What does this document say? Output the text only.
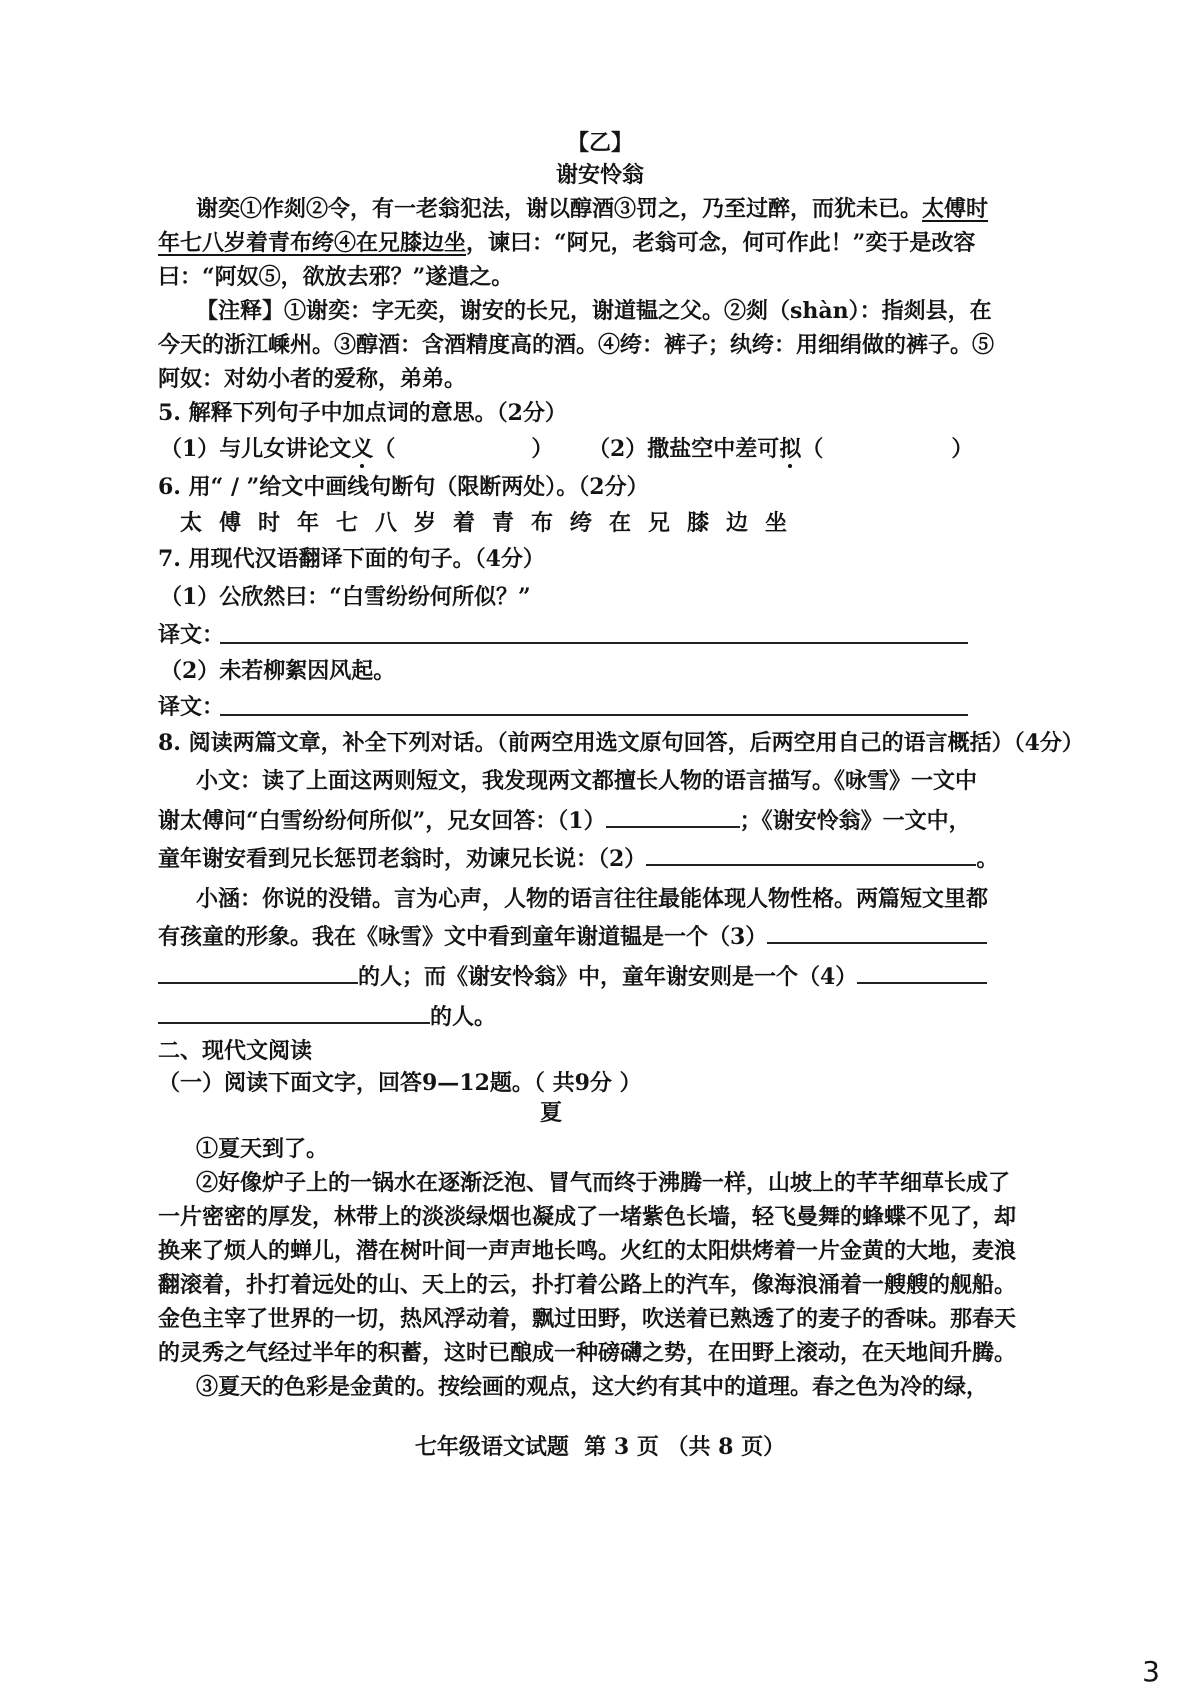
【乙】
谢安怜翁
谢奕①作剡②令，有一老翁犯法，谢以醇酒③罚之，乃至过醉，而犹未已。太傅时
年七八岁着青布绔④在兄膝边坐，谏曰：“阿兄，老翁可念，何可作此！”奕于是改容
曰：“阿奴⑤，欲放去邪？”遂遣之。
【注释】①谢奕：字无奕，谢安的长兄，谢道韫之父。②剡（shàn）：指剡县，在
今天的浙江嵊州。③醇酒：含酒精度高的酒。④绔：裤子；纨绔：用细绢做的裤子。⑤
阿奴：对幼小者的爱称，弟弟。
5. 解释下列句子中加点词的意思。（2分）
（1）与儿女讲论文义（	） （2）撒盐空中差可拟（	）
6. 用“ / ”给文中画线句断句（限断两处）。（2分）
太傅时年七八岁着青布绔在兄膝边坐
7. 用现代汉语翻译下面的句子。（4分）
（1）公欣然曰：“白雪纷纷何所似？”
译文：
（2）未若柳絮因风起。
译文：
8. 阅读两篇文章，补全下列对话。（前两空用选文原句回答，后两空用自己的语言概括）（4分）
小文：读了上面这两则短文，我发现两文都擅长人物的语言描写。《咏雪》一文中
谢太傅问“白雪纷纷何所似”，兄女回答：（1）	；《谢安怜翁》一文中，
童年谢安看到兄长惩罚老翁时，劝谏兄长说：（2）	。
小涵：你说的没错。言为心声，人物的语言往往最能体现人物性格。两篇短文里都
有孩童的形象。我在《咏雪》文中看到童年谢道韫是一个（3）
的人；而《谢安怜翁》中，童年谢安则是一个（4）
的人。
二、现代文阅读
（一）阅读下面文字，回答9—12题。（ 共9分 ）
夏
①夏天到了。
②好像炉子上的一锅水在逐渐泛泡、冒气而终于沸腾一样，山坡上的芊芊细草长成了
一片密密的厚发，林带上的淡淡绿烟也凝成了一堵紫色长墙，轻飞曼舞的蜂蝶不见了，却
换来了烦人的蝉儿，潜在树叶间一声声地长鸣。火红的太阳烘烤着一片金黄的大地，麦浪
翻滚着，扑打着远处的山、天上的云，扑打着公路上的汽车，像海浪涌着一艘艘的舰船。
金色主宰了世界的一切，热风浮动着，飘过田野，吹送着已熟透了的麦子的香味。那春天
的灵秀之气经过半年的积蓄，这时已酿成一种磅礴之势，在田野上滚动，在天地间升腾。
③夏天的色彩是金黄的。按绘画的观点，这大约有其中的道理。春之色为冷的绿，
七年级语文试题  第 3 页 （共 8 页）
3
